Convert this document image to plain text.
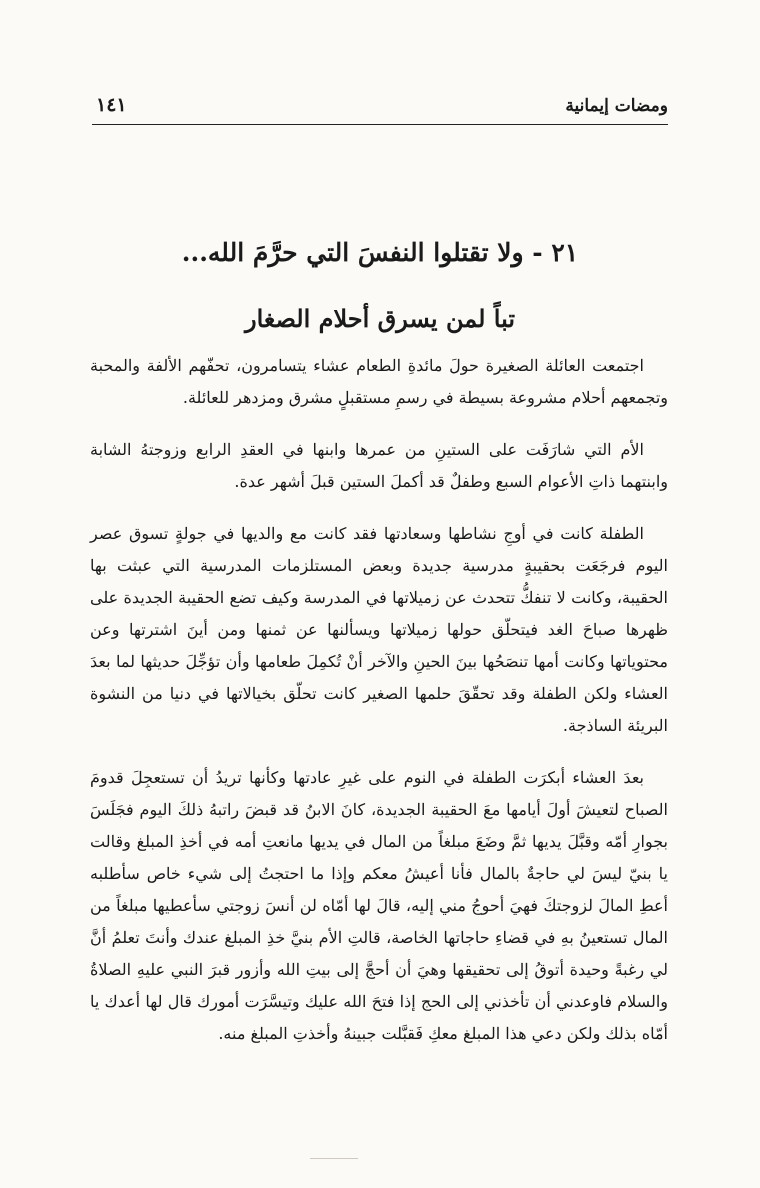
ومضات إيمانية
١٤١
٢١ - ولا تقتلوا النفسَ التي حرَّمَ الله...
تباً لمن يسرق أحلام الصغار

اجتمعت العائلة الصغيرة حولَ مائدةِ الطعام عشاء يتسامرون، تحفّهم الألفة والمحبة وتجمعهم أحلام مشروعة بسيطة في رسمِ مستقبلٍ مشرق ومزدهر للعائلة.

الأم التي شارَفَت على الستينِ من عمرها وابنها في العقدِ الرابع وزوجتهُ الشابة وابنتهما ذاتِ الأعوام السبع وطفلٌ قد أكملَ الستين قبلَ أشهر عدة.

الطفلة كانت في أوجِ نشاطها وسعادتها فقد كانت مع والديها في جولةٍ تسوق عصر اليوم فرجَعَت بحقيبةٍ مدرسية جديدة وبعض المستلزمات المدرسية التي عبثت بها الحقيبة، وكانت لا تنفكُّ تتحدث عن زميلاتها في المدرسة وكيف تضع الحقيبة الجديدة على ظهرها صباحَ الغد فيتحلّق حولها زميلاتها ويسألنها عن ثمنها ومن أينَ اشترتها وعن محتوياتها وكانت أمها تنصَحُها بينَ الحينِ والآخر أنْ تُكمِلَ طعامها وأن تؤجِّلَ حديثها لما بعدَ العشاء ولكن الطفلة وقد تحقّقَ حلمها الصغير كانت تحلّق بخيالاتها في دنيا من النشوة البريئة الساذجة.

بعدَ العشاء أبكرَت الطفلة في النوم على غيرِ عادتها وكأنها تريدُ أن تستعجِلَ قدومَ الصباح لتعيشَ أولَ أيامها معَ الحقيبة الجديدة، كانَ الابنُ قد قبضَ راتبهُ ذلكَ اليوم فجَلَسَ بجوارِ أمّه وقبَّلَ يديها ثمَّ وضَعَ مبلغاً من المال في يديها مانعتِ أمه في أخذِ المبلغ وقالت يا بنيّ ليسَ لي حاجةٌ بالمال فأنا أعيشُ معكم وإذا ما احتجتُ إلى شيء خاص سأطلبه أعطِ المالَ لزوجتكَ فهيَ أحوجُ مني إليه، قالَ لها أمّاه لن أنسَ زوجتي سأعطيها مبلغاً من المال تستعينُ بهِ في قضاءِ حاجاتها الخاصة، قالتِ الأم بنيَّ خذِ المبلغ عندك وأنتَ تعلمُ أنَّ لي رغبةً وحيدة أتوقُ إلى تحقيقها وهيَ أن أحجَّ إلى بيتِ الله وأزور قبرَ النبي عليهِ الصلاةُ والسلام فاوعدني أن تأخذني إلى الحج إذا فتحَ الله عليك وتيسَّرَت أمورك قال لها أعدك يا أمّاه بذلك ولكن دعي هذا المبلغ معكِ فَقبَّلت جبينهُ وأخذتِ المبلغ منه.
